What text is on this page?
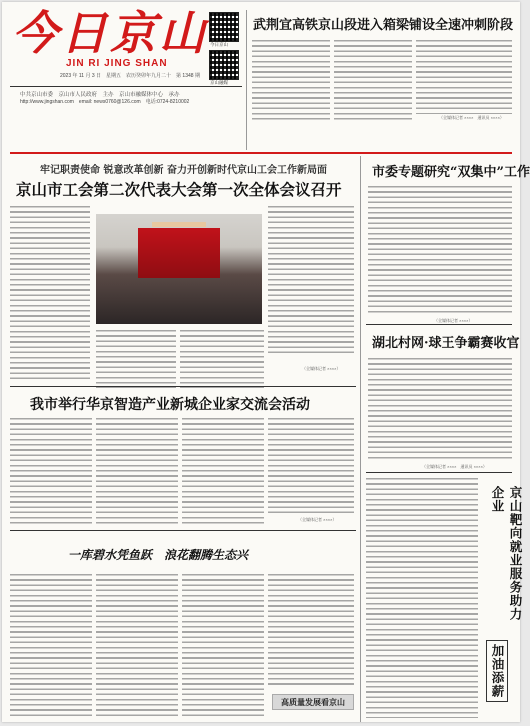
今日京山
JIN RI JING SHAN
2023 年 11 月 3 日　星期五　农历癸卯年九月二十　第 1348 期
今日京山
京山融媒
中共京山市委　京山市人民政府　主办　京山市融媒体中心　承办
http://www.jingshan.com　email: news0760@126.com　电话:0724-8210002
武荆宜高铁京山段进入箱梁铺设全速冲刺阶段
（全媒体记者 ××××　通讯员 ××××）
牢记职责使命 锐意改革创新 奋力开创新时代京山工会工作新局面
京山市工会第二次代表大会第一次全体会议召开
（全媒体记者 ××××）
市委专题研究“双集中”工作
（全媒体记者 ××××）
湖北村网·球王争霸赛收官
（全媒体记者 ××××　通讯员 ××××）
我市举行华京智造产业新城企业家交流会活动
（全媒体记者 ××××）
一库碧水凭鱼跃　浪花翻腾生态兴
高质量发展看京山
京山靶向就业服务助力企业
加油添薪
